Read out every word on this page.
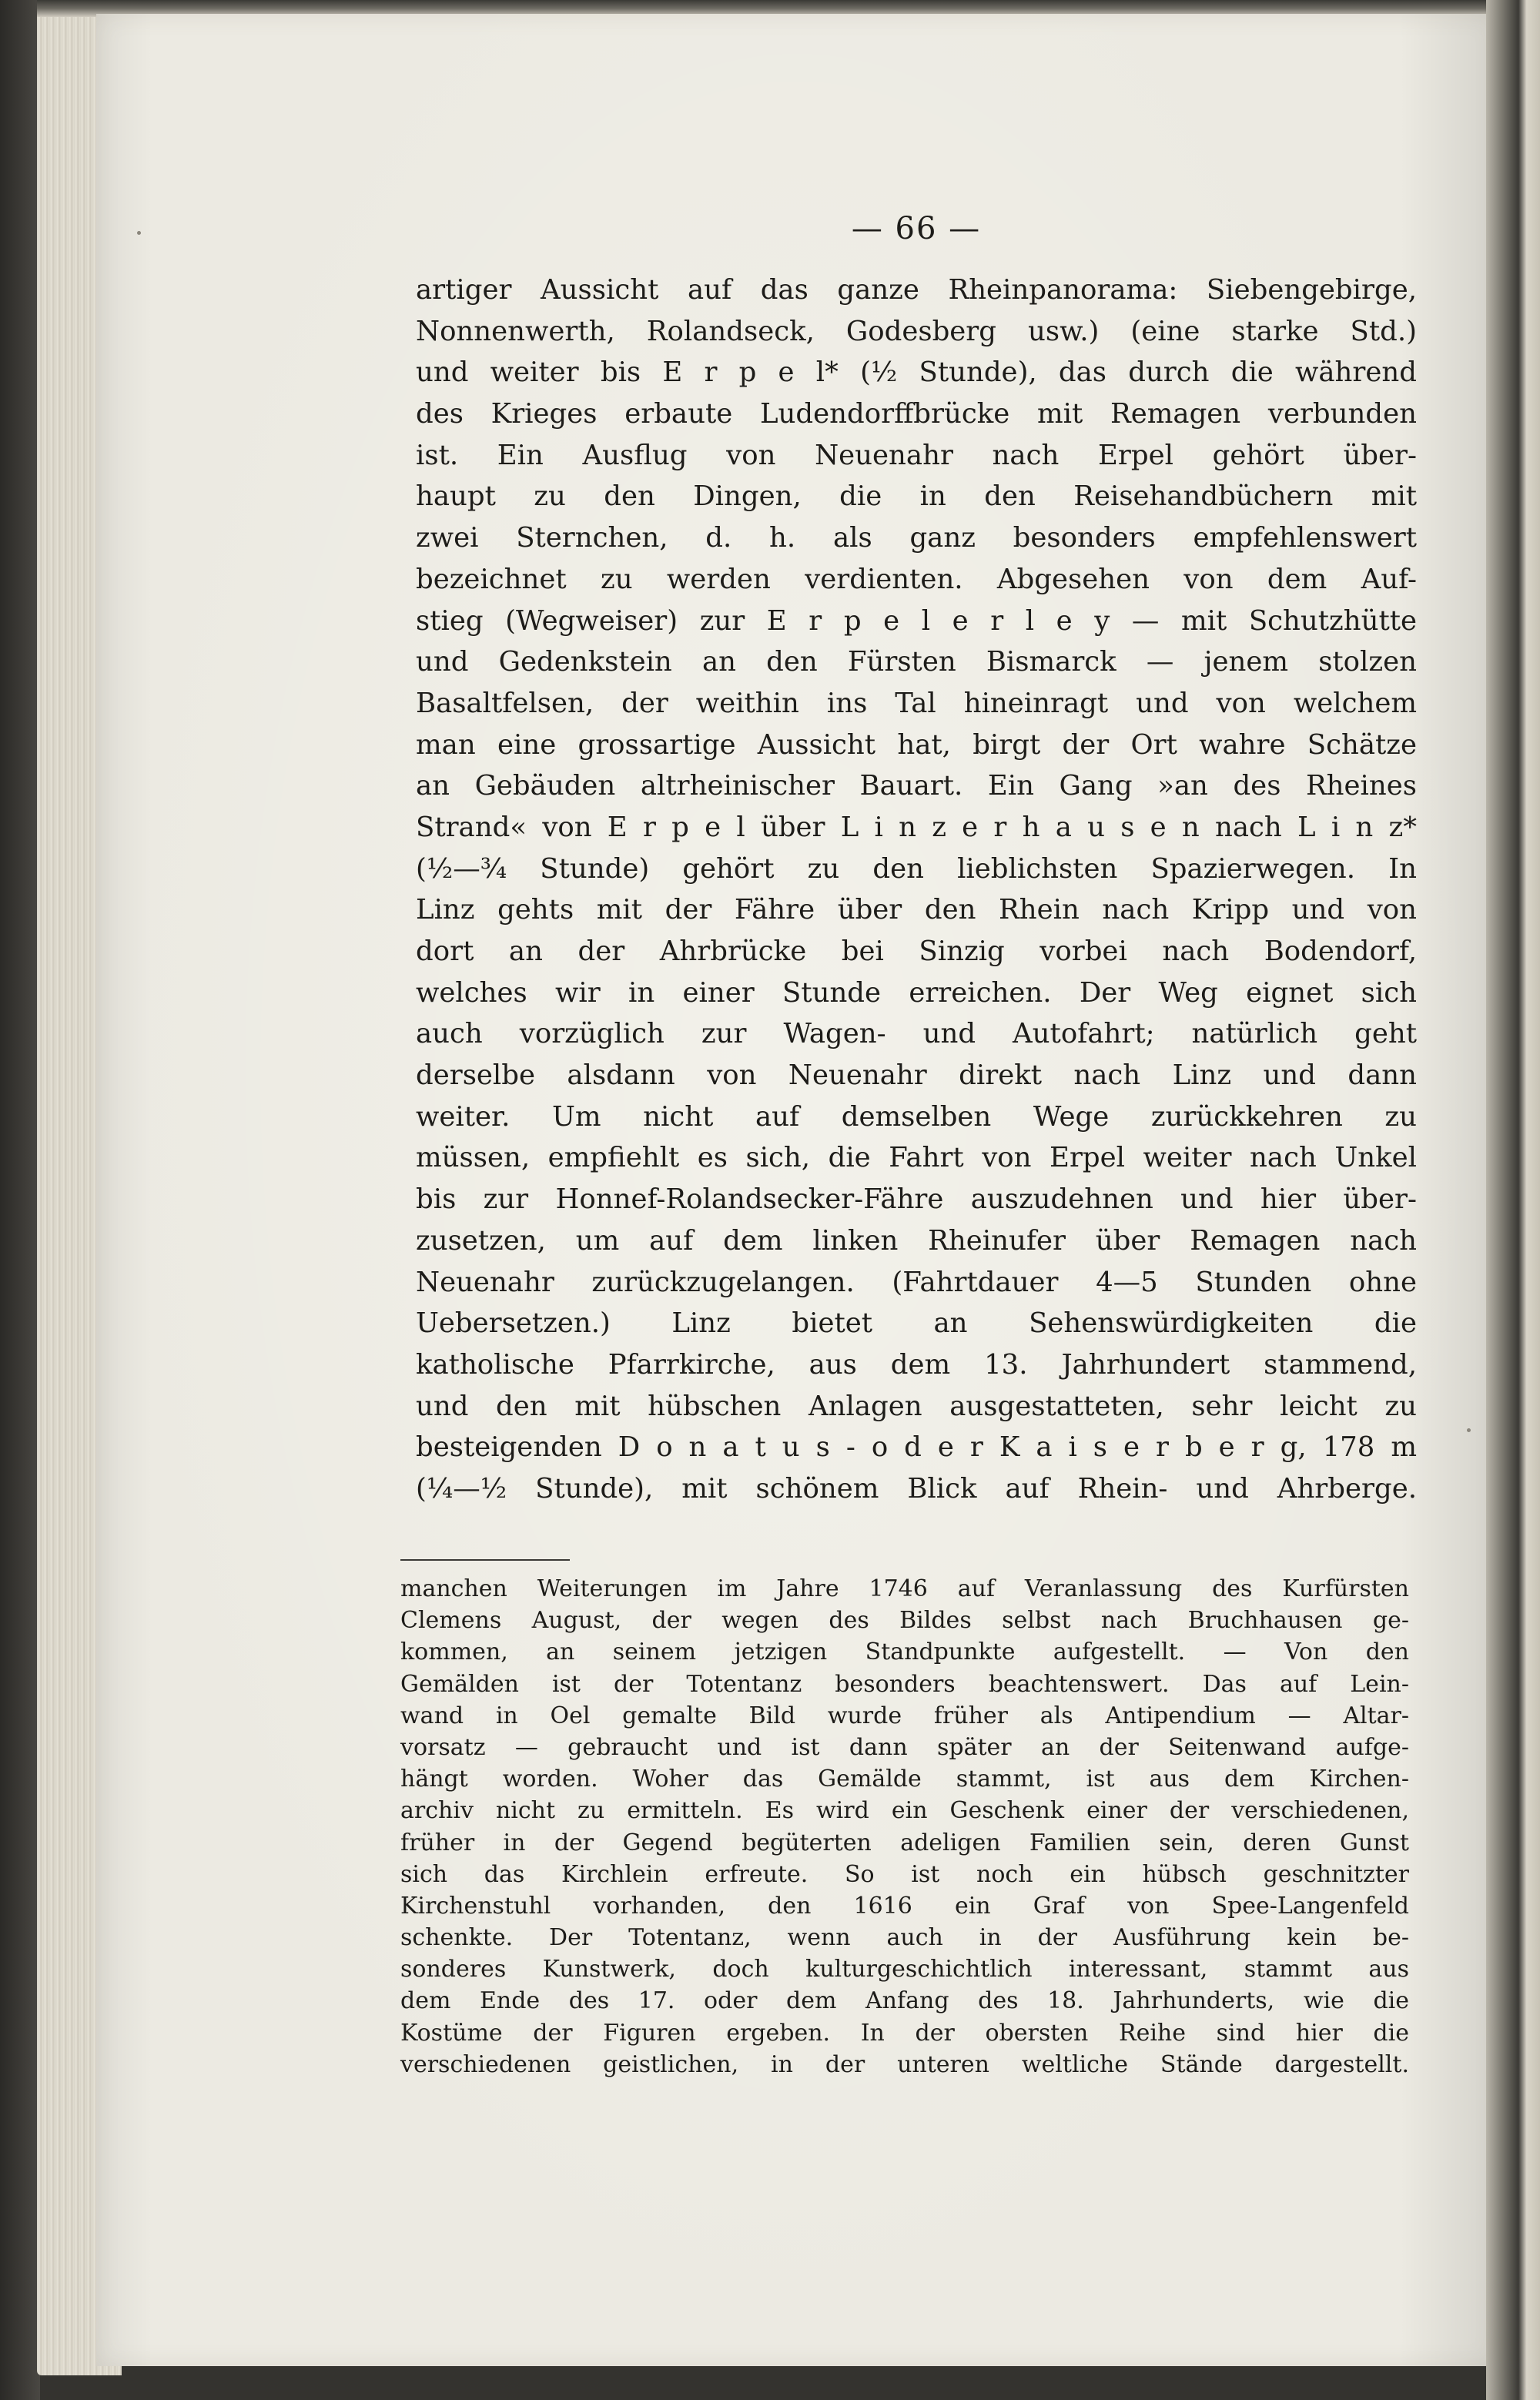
— 66 —
artiger Aussicht auf das ganze Rheinpanorama: Siebengebirge,
Nonnenwerth, Rolandseck, Godesberg usw.) (eine starke Std.)
und weiter bis E r p e l* (½ Stunde), das durch die während
des Krieges erbaute Ludendorffbrücke mit Remagen verbunden
ist. Ein Ausflug von Neuenahr nach Erpel gehört über-
haupt zu den Dingen, die in den Reisehandbüchern mit
zwei Sternchen, d. h. als ganz besonders empfehlenswert
bezeichnet zu werden verdienten. Abgesehen von dem Auf-
stieg (Wegweiser) zur E r p e l e r l e y — mit Schutzhütte
und Gedenkstein an den Fürsten Bismarck — jenem stolzen
Basaltfelsen, der weithin ins Tal hineinragt und von welchem
man eine grossartige Aussicht hat, birgt der Ort wahre Schätze
an Gebäuden altrheinischer Bauart. Ein Gang »an des Rheines
Strand« von E r p e l über L i n z e r h a u s e n nach L i n z*
(½—¾ Stunde) gehört zu den lieblichsten Spazierwegen. In
Linz gehts mit der Fähre über den Rhein nach Kripp und von
dort an der Ahrbrücke bei Sinzig vorbei nach Bodendorf,
welches wir in einer Stunde erreichen. Der Weg eignet sich
auch vorzüglich zur Wagen- und Autofahrt; natürlich geht
derselbe alsdann von Neuenahr direkt nach Linz und dann
weiter. Um nicht auf demselben Wege zurückkehren zu
müssen, empfiehlt es sich, die Fahrt von Erpel weiter nach Unkel
bis zur Honnef-Rolandsecker-Fähre auszudehnen und hier über-
zusetzen, um auf dem linken Rheinufer über Remagen nach
Neuenahr zurückzugelangen. (Fahrtdauer 4—5 Stunden ohne
Uebersetzen.) Linz bietet an Sehenswürdigkeiten die
katholische Pfarrkirche, aus dem 13. Jahrhundert stammend,
und den mit hübschen Anlagen ausgestatteten, sehr leicht zu
besteigenden D o n a t u s - o d e r K a i s e r b e r g, 178 m
(¼—½ Stunde), mit schönem Blick auf Rhein- und Ahrberge.
manchen Weiterungen im Jahre 1746 auf Veranlassung des Kurfürsten
Clemens August, der wegen des Bildes selbst nach Bruchhausen ge-
kommen, an seinem jetzigen Standpunkte aufgestellt. — Von den
Gemälden ist der Totentanz besonders beachtenswert. Das auf Lein-
wand in Oel gemalte Bild wurde früher als Antipendium — Altar-
vorsatz — gebraucht und ist dann später an der Seitenwand aufge-
hängt worden. Woher das Gemälde stammt, ist aus dem Kirchen-
archiv nicht zu ermitteln. Es wird ein Geschenk einer der verschiedenen,
früher in der Gegend begüterten adeligen Familien sein, deren Gunst
sich das Kirchlein erfreute. So ist noch ein hübsch geschnitzter
Kirchenstuhl vorhanden, den 1616 ein Graf von Spee-Langenfeld
schenkte. Der Totentanz, wenn auch in der Ausführung kein be-
sonderes Kunstwerk, doch kulturgeschichtlich interessant, stammt aus
dem Ende des 17. oder dem Anfang des 18. Jahrhunderts, wie die
Kostüme der Figuren ergeben. In der obersten Reihe sind hier die
verschiedenen geistlichen, in der unteren weltliche Stände dargestellt.
